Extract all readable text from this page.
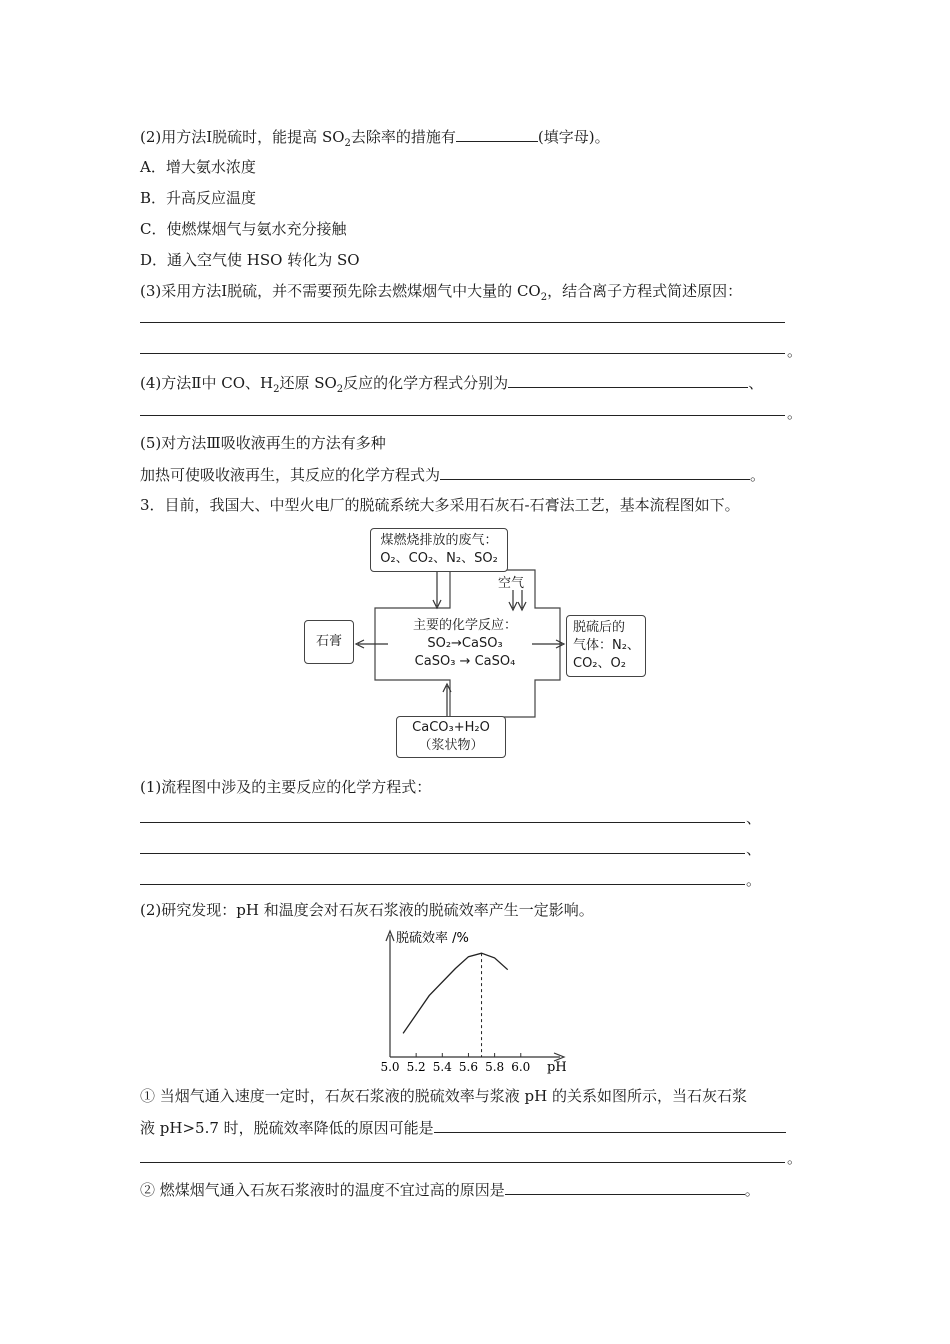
(2)用方法Ⅰ脱硫时，能提高 $SO_2$去除率的措施有	(填字母)。
A．增大氨水浓度
B．升高反应温度
C．使燃煤烟气与氨水充分接触
D．通入空气使 HSO 转化为 SO
(3)采用方法Ⅰ脱硫，并不需要预先除去燃煤烟气中大量的 $CO_2$，结合离子方程式简述原因：
。
(4)方法Ⅱ中 CO、$H_2$还原 $SO_2$反应的化学方程式分别为	、
。
(5)对方法Ⅲ吸收液再生的方法有多种
加热可使吸收液再生，其反应的化学方程式为	。
3．目前，我国大、中型火电厂的脱硫系统大多采用石灰石-石膏法工艺，基本流程图如下。
煤燃烧排放的废气：
O₂、CO₂、N₂、SO₂
空气
主要的化学反应：
SO₂→CaSO₃
CaSO₃ → CaSO₄
石膏
脱硫后的
气体：N₂、
CO₂、O₂
CaCO₃+H₂O
（浆状物）
(1)流程图中涉及的主要反应的化学方程式：
、
、
。
(2)研究发现：pH 和温度会对石灰石浆液的脱硫效率产生一定影响。
脱硫效率 /%
pH
5.0 5.2 5.4 5.6 5.8 6.0
① 当烟气通入速度一定时，石灰石浆液的脱硫效率与浆液 pH 的关系如图所示，当石灰石浆
液 pH>5.7 时，脱硫效率降低的原因可能是
。
② 燃煤烟气通入石灰石浆液时的温度不宜过高的原因是	。
